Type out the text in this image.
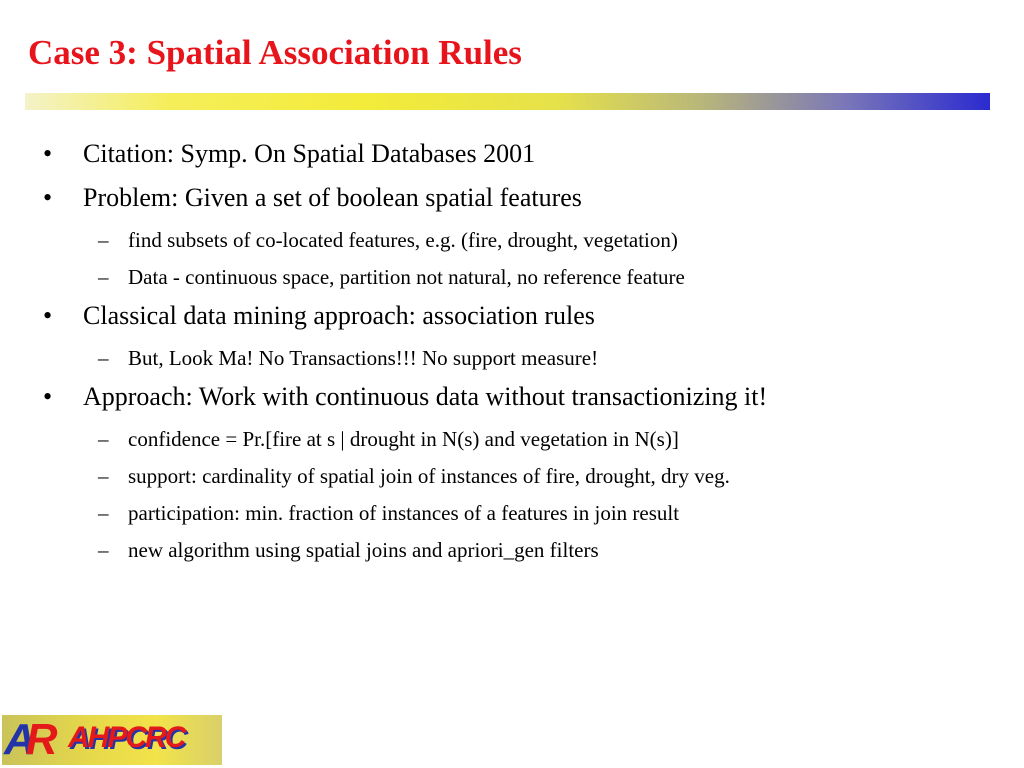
Case 3: Spatial Association Rules
• Citation: Symp. On Spatial Databases 2001
• Problem: Given a set of boolean spatial features
– find subsets of co-located features, e.g. (fire, drought, vegetation)
– Data - continuous space, partition not natural, no reference feature
• Classical data mining approach: association rules
– But, Look Ma! No Transactions!!! No support measure!
• Approach: Work with continuous data without transactionizing it!
– confidence = Pr.[fire at s | drought in N(s) and vegetation in N(s)]
– support: cardinality of spatial join of instances of fire, drought, dry veg.
– participation: min. fraction of instances of a features in join result
– new algorithm using spatial joins and apriori_gen filters
AR AHPCRC
